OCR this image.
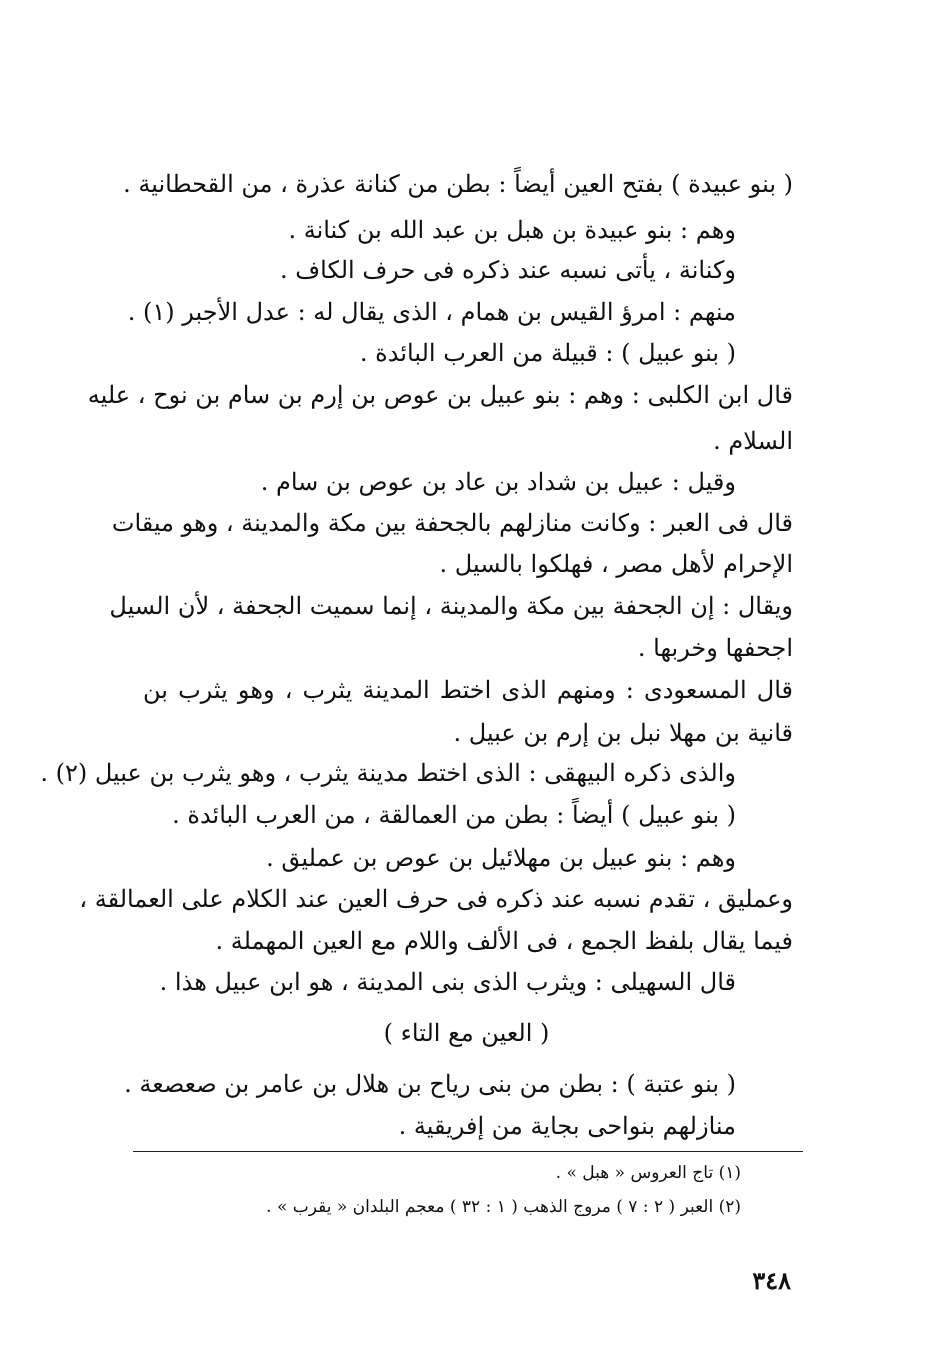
( بنو عبيدة ) بفتح العين أيضاً : بطن من كنانة عذرة ، من القحطانية .
وهم : بنو عبيدة بن هبل بن عبد الله بن كنانة .
وكنانة ، يأتى نسبه عند ذكره فى حرف الكاف .
منهم : امرؤ القيس بن همام ، الذى يقال له : عدل الأجبر (١) .
( بنو عبيل ) : قبيلة من العرب البائدة .
قال ابن الكلبى : وهم : بنو عبيل بن عوص بن إرم بن سام بن نوح ، عليه
السلام .
وقيل : عبيل بن شداد بن عاد بن عوص بن سام .
قال فى العبر : وكانت منازلهم بالجحفة بين مكة والمدينة ، وهو ميقات
الإحرام لأهل مصر ، فهلكوا بالسيل .
ويقال : إن الجحفة بين مكة والمدينة ، إنما سميت الجحفة ، لأن السيل
اجحفها وخربها .
قال المسعودى : ومنهم الذى اختط المدينة يثرب ، وهو يثرب بن
قانية بن مهلا نبل بن إرم بن عبيل .
والذى ذكره البيهقى : الذى اختط مدينة يثرب ، وهو يثرب بن عبيل (٢) .
( بنو عبيل ) أيضاً : بطن من العمالقة ، من العرب البائدة .
وهم : بنو عبيل بن مهلائيل بن عوص بن عمليق .
وعمليق ، تقدم نسبه عند ذكره فى حرف العين عند الكلام على العمالقة ،
فيما يقال بلفظ الجمع ، فى الألف واللام مع العين المهملة .
قال السهيلى : ويثرب الذى بنى المدينة ، هو ابن عبيل هذا .
( العين مع التاء )
( بنو عتبة ) : بطن من بنى رياح بن هلال بن عامر بن صعصعة .
منازلهم بنواحى بجاية من إفريقية .
(١) تاج العروس « هبل » .
(٢) العبر ( ٢ : ٧ ) مروج الذهب ( ١ : ٣٢ ) معجم البلدان « يقرب » .
٣٤٨
